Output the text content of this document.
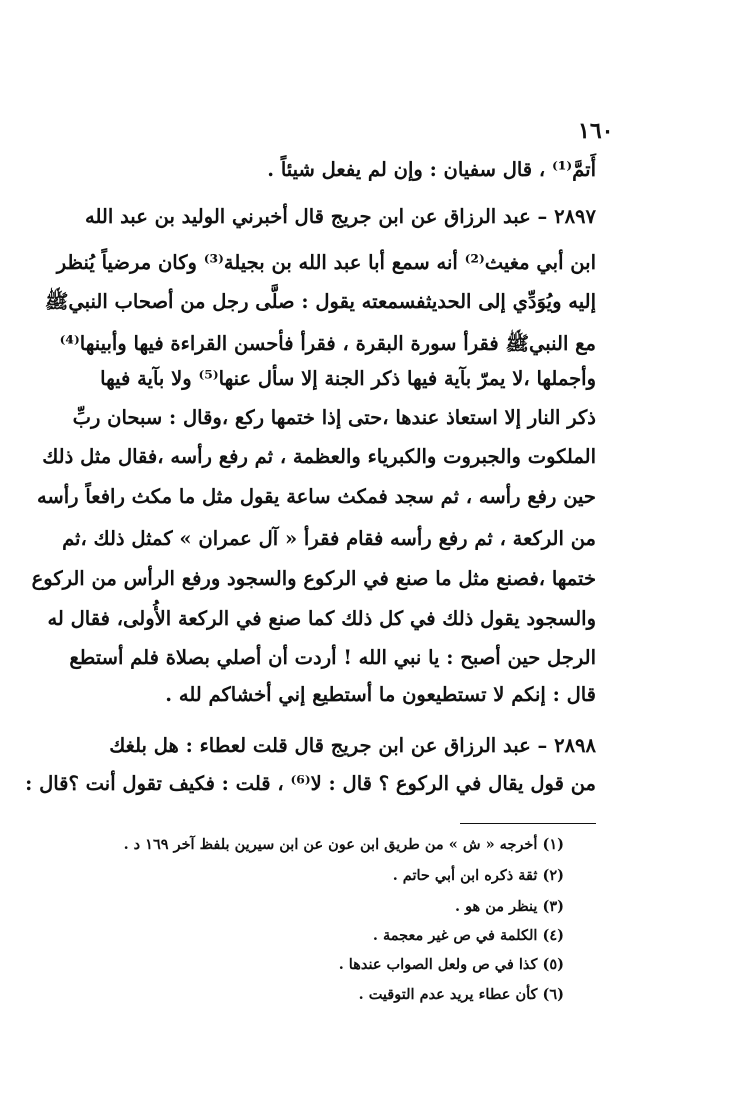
١٦٠
أَتمَّ⁽¹⁾ ، قال سفيان : وإن لم يفعل شيئاً .
٢٨٩٧ – عبد الرزاق عن ابن جريج قال أخبرني الوليد بن عبد الله
ابن أبي مغيث⁽²⁾ أنه سمع أبا عبد الله بن بجيلة⁽³⁾ وكان مرضياً يُنظر
إليه ويُوَدِّي إلى الحديثفسمعته يقول : صلَّى رجل من أصحاب النبيﷺ
مع النبيﷺ فقرأ سورة البقرة ، فقرأ فأحسن القراءة فيها وأبينها⁽⁴⁾
وأجملها ،لا يمرّ بآية فيها ذكر الجنة إلا سأل عنها⁽⁵⁾ ولا بآية فيها
ذكر النار إلا استعاذ عندها ،حتى إذا ختمها ركع ،وقال : سبحان ربِّ
الملكوت والجبروت والكبرياء والعظمة ، ثم رفع رأسه ،فقال مثل ذلك
حين رفع رأسه ، ثم سجد فمكث ساعة يقول مثل ما مكث رافعاً رأسه
من الركعة ، ثم رفع رأسه فقام فقرأ « آل عمران » كمثل ذلك ،ثم
ختمها ،فصنع مثل ما صنع في الركوع والسجود ورفع الرأس من الركوع
والسجود يقول ذلك في كل ذلك كما صنع في الركعة الأُولى، فقال له
الرجل حين أصبح : يا نبي الله ! أردت أن أصلي بصلاة فلم أستطع
قال : إنكم لا تستطيعون ما أستطيع إني أخشاكم لله .
٢٨٩٨ – عبد الرزاق عن ابن جريج قال قلت لعطاء : هل بلغك
من قول يقال في الركوع ؟ قال : لا⁽⁶⁾ ، قلت : فكيف تقول أنت ؟قال :
(١) أخرجه « ش » من طريق ابن عون عن ابن سيرين بلفظ آخر ١٦٩ د .
(٢) ثقة ذكره ابن أبي حاتم .
(٣) ينظر من هو .
(٤) الكلمة في ص غير معجمة .
(٥) كذا في ص ولعل الصواب عندها .
(٦) كأن عطاء يريد عدم التوقيت .
